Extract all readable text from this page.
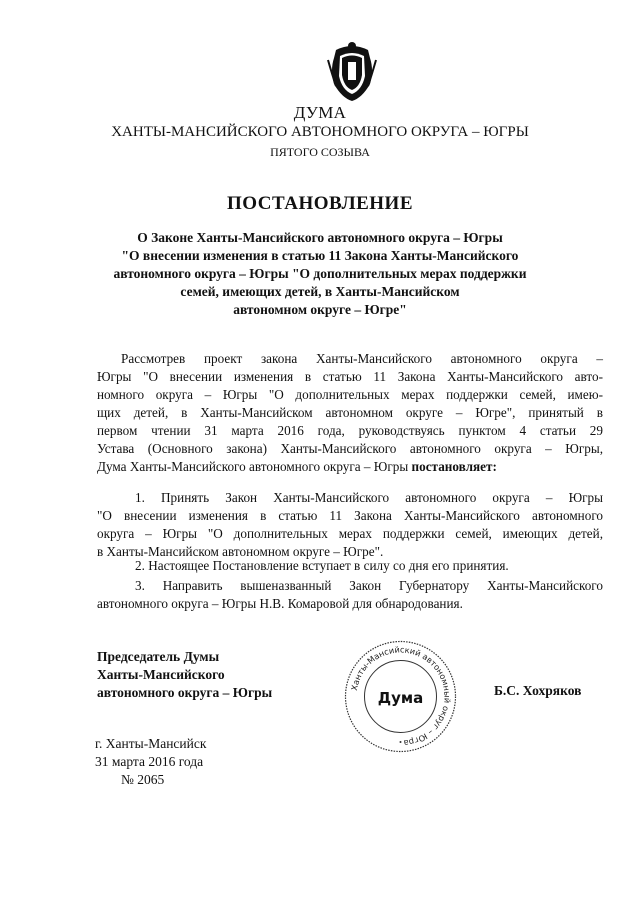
ДУМА
ХАНТЫ-МАНСИЙСКОГО АВТОНОМНОГО ОКРУГА – ЮГРЫ
ПЯТОГО СОЗЫВА
ПОСТАНОВЛЕНИЕ
О Законе Ханты-Мансийского автономного округа – Югры
"О внесении изменения в статью 11 Закона Ханты-Мансийского
автономного округа – Югры "О дополнительных мерах поддержки
семей, имеющих детей, в Ханты-Мансийском
автономном округе – Югре"
Рассмотрев проект закона Ханты-Мансийского автономного округа –
Югры "О внесении изменения в статью 11 Закона Ханты-Мансийского авто-
номного округа – Югры "О дополнительных мерах поддержки семей, имею-
щих детей, в Ханты-Мансийском автономном округе – Югре", принятый в
первом чтении 31 марта 2016 года, руководствуясь пунктом 4 статьи 29
Устава (Основного закона) Ханты-Мансийского автономного округа – Югры,
Дума Ханты-Мансийского автономного округа – Югры постановляет:
1. Принять Закон Ханты-Мансийского автономного округа – Югры
"О внесении изменения в статью 11 Закона Ханты-Мансийского автономного
округа – Югры "О дополнительных мерах поддержки семей, имеющих детей,
в Ханты-Мансийском автономном округе – Югре".
2. Настоящее Постановление вступает в силу со дня его принятия.
3. Направить вышеназванный Закон Губернатору Ханты-Мансийского
автономного округа – Югры Н.В. Комаровой для обнародования.
Председатель Думы
Ханты-Мансийского
автономного округа – Югры	Ханты-Мансийский автономный округ – Югра
Дума	Б.С. Хохряков
г. Ханты-Мансийск
31 марта 2016 года
№ 2065
